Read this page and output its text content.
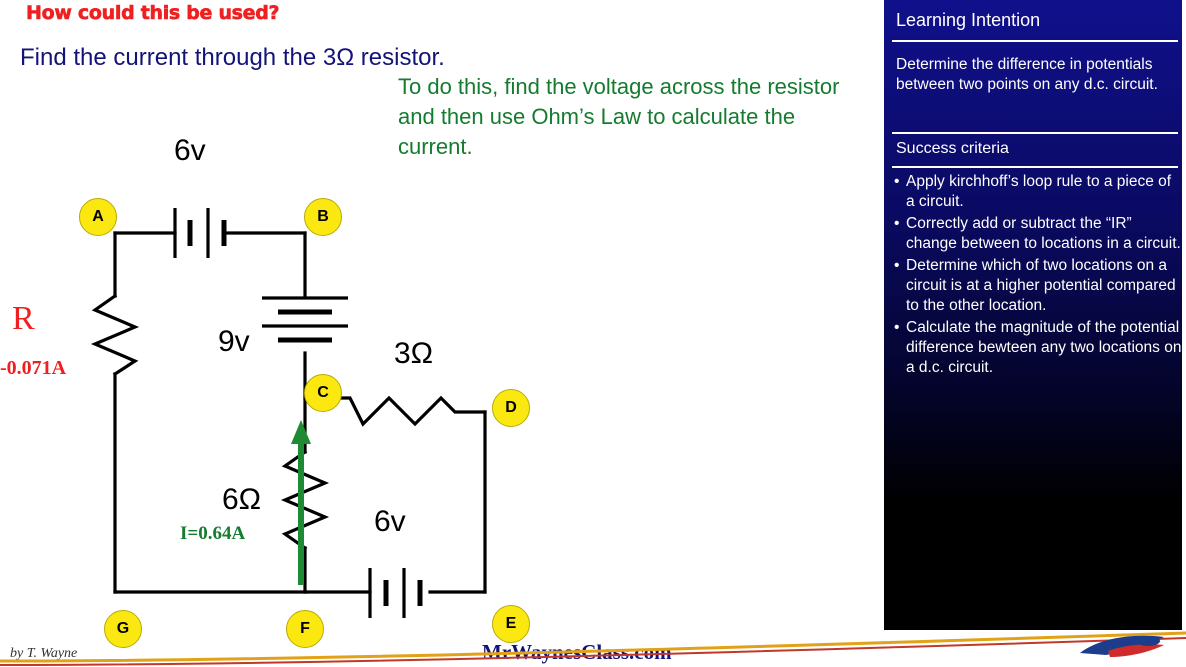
How could this be used?
Find the current through the 3Ω resistor.
To do this, find the voltage across the resistor and then use Ohm’s Law to calculate the current.
A	B
C
D
E
F
G
6v
9v	3Ω
6Ω
6v
R
-0.071A
I=0.64A
by T. Wayne	MrWaynesClass.com
Learning Intention
Determine the difference in potentials between two points on any d.c. circuit.
Success criteria
• Apply kirchhoff’s loop rule to a piece of a circuit.
• Correctly add or subtract the “IR” change between to locations in a circuit.
• Determine which of two locations on a circuit is at a higher potential compared to the other location.
• Calculate the magnitude of the potential difference bewteen any two locations on a d.c. circuit.
